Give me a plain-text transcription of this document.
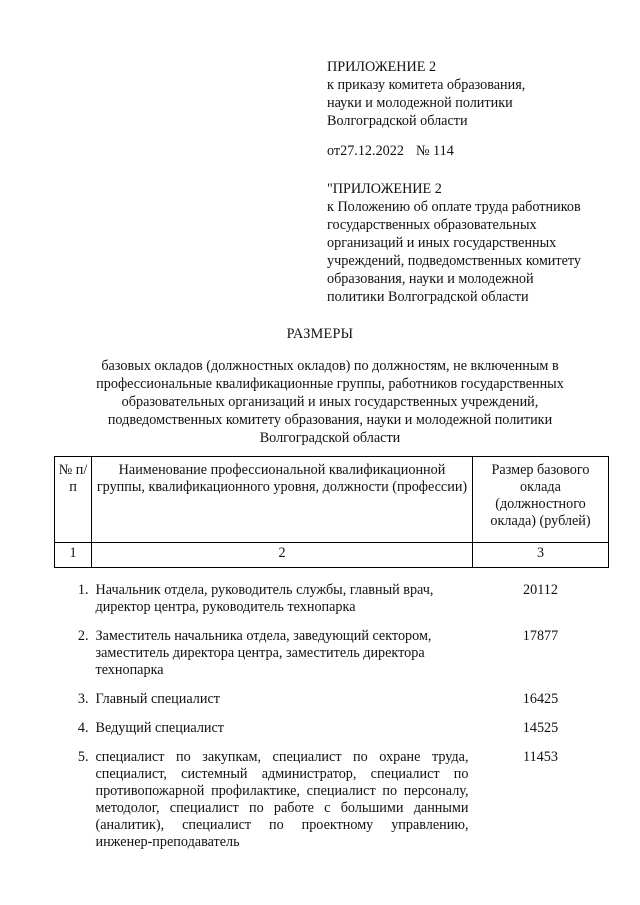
ПРИЛОЖЕНИЕ 2
к приказу комитета образования,
науки и молодежной политики
Волгоградской области
от27.12.2022 № 114
"ПРИЛОЖЕНИЕ 2
к Положению об оплате труда работников
государственных образовательных
организаций и иных государственных
учреждений, подведомственных комитету
образования, науки и молодежной
политики Волгоградской области
РАЗМЕРЫ
базовых окладов (должностных окладов) по должностям, не включенным в профессиональные квалификационные группы, работников государственных образовательных организаций и иных государственных учреждений, подведомственных комитету образования, науки и молодежной политики Волгоградской области
№ п/п	Наименование профессиональной квалификационной группы, квалификационного уровня, должности (профессии)	Размер базового оклада (должностного оклада) (рублей)
1	2	3
1.	Начальник отдела, руководитель службы, главный врач, директор центра, руководитель технопарка	20112
2.	Заместитель начальника отдела, заведующий сектором, заместитель директора центра, заместитель директора технопарка	17877
3.	Главный специалист	16425
4.	Ведущий специалист	14525
5.	специалист по закупкам, специалист по охране труда, специалист, системный администратор, специалист по противопожарной профилактике, специалист по персоналу, методолог, специалист по работе с большими данными (аналитик), специалист по проектному управлению, инженер-преподаватель	11453
